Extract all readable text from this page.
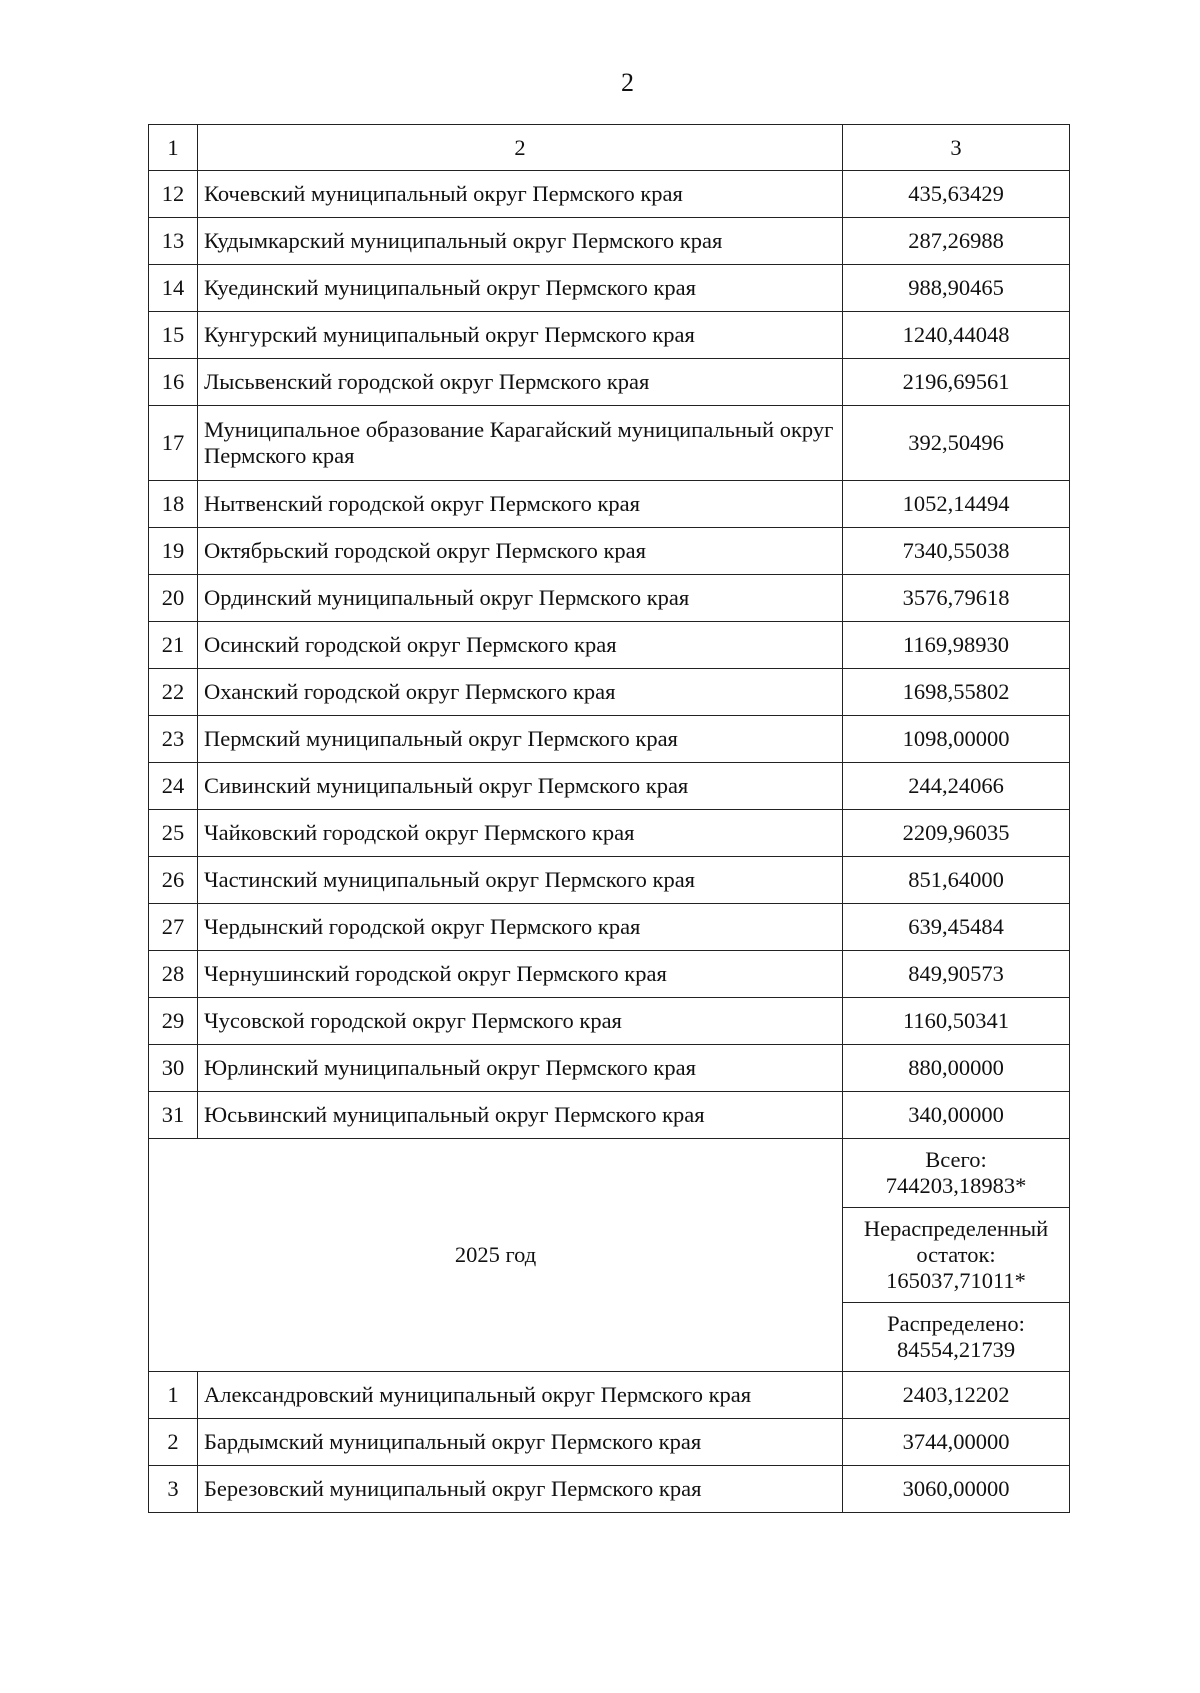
2
1	2	3
12	Кочевский муниципальный округ Пермского края	435,63429
13	Кудымкарский муниципальный округ Пермского края	287,26988
14	Куединский муниципальный округ Пермского края	988,90465
15	Кунгурский муниципальный округ Пермского края	1240,44048
16	Лысьвенский городской округ Пермского края	2196,69561
17	Муниципальное образование Карагайский муниципальный округ Пермского края	392,50496
18	Нытвенский городской округ Пермского края	1052,14494
19	Октябрьский городской округ Пермского края	7340,55038
20	Ординский муниципальный округ Пермского края	3576,79618
21	Осинский городской округ Пермского края	1169,98930
22	Оханский городской округ Пермского края	1698,55802
23	Пермский муниципальный округ Пермского края	1098,00000
24	Сивинский муниципальный округ Пермского края	244,24066
25	Чайковский городской округ Пермского края	2209,96035
26	Частинский муниципальный округ Пермского края	851,64000
27	Чердынский городской округ Пермского края	639,45484
28	Чернушинский городской округ Пермского края	849,90573
29	Чусовской городской округ Пермского края	1160,50341
30	Юрлинский муниципальный округ Пермского края	880,00000
31	Юсьвинский муниципальный округ Пермского края	340,00000
2025 год		Всего:
744203,18983*

		Нераспределенный остаток:
165037,71011*

		Распределено:
84554,21739

1	Александровский муниципальный округ Пермского края	2403,12202
2	Бардымский муниципальный округ Пермского края	3744,00000
3	Березовский муниципальный округ Пермского края	3060,00000
